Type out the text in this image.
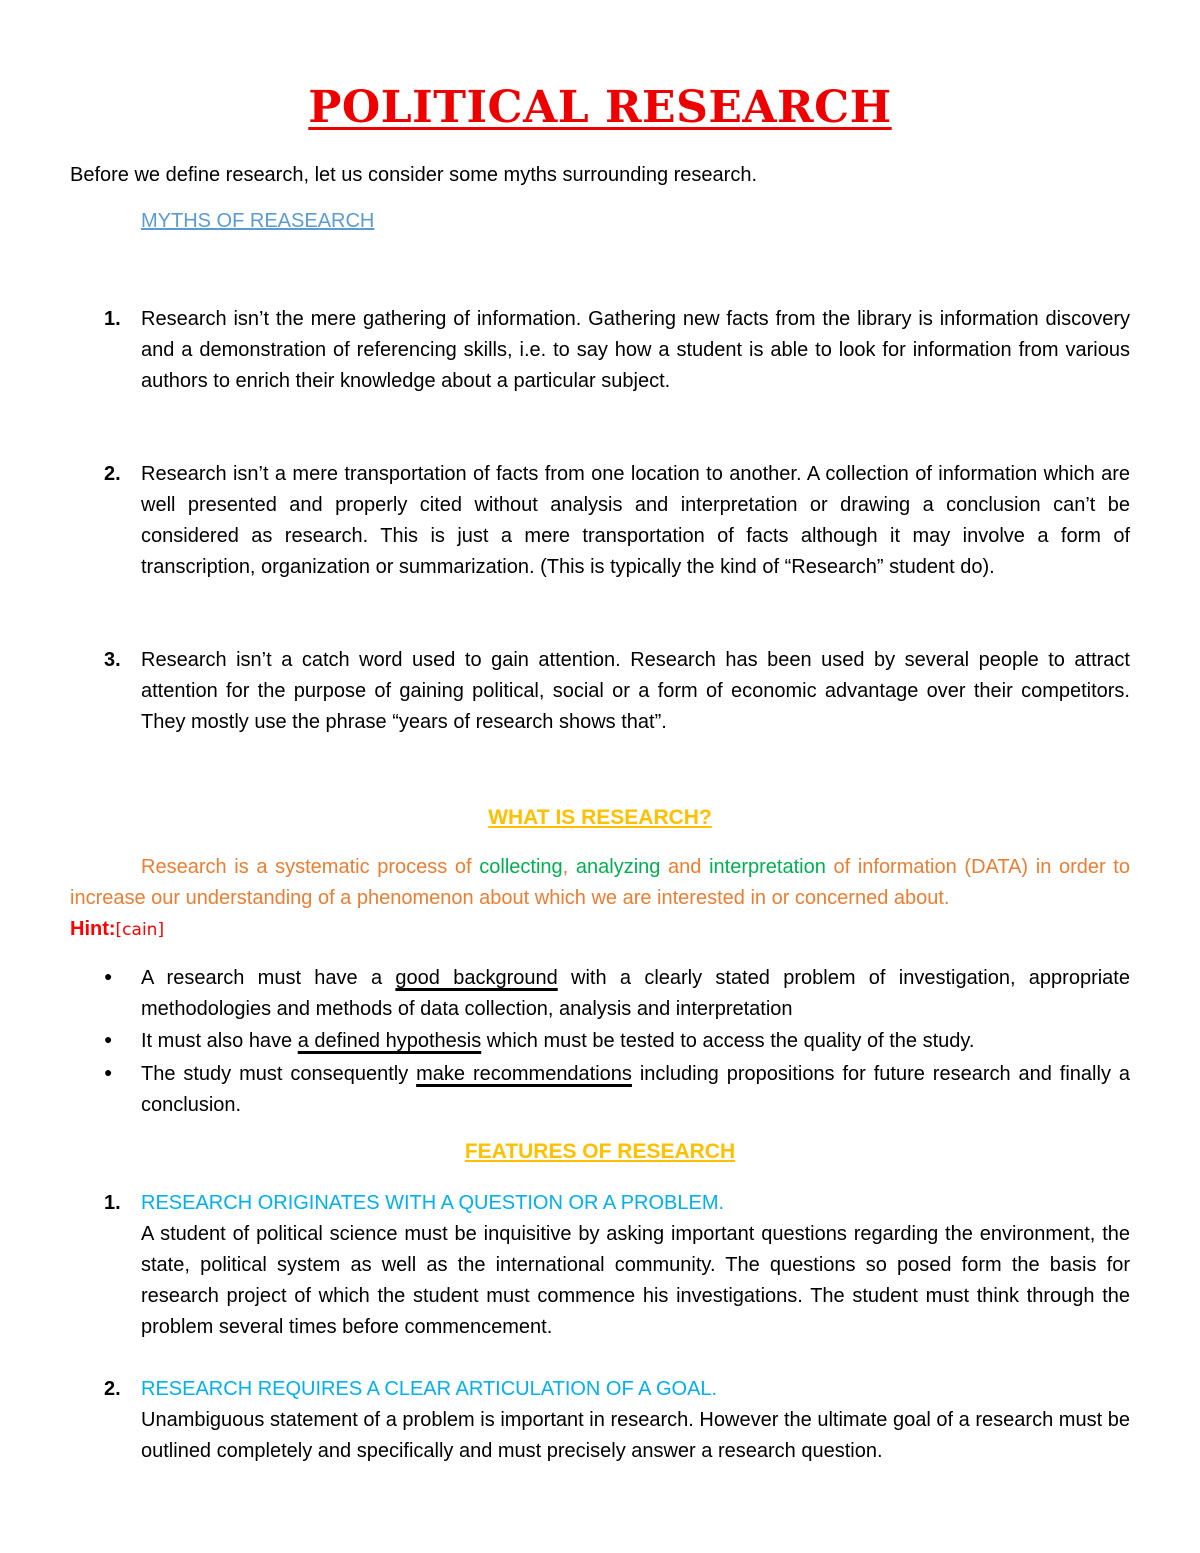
POLITICAL RESEARCH
Before we define research, let us consider some myths surrounding research.
MYTHS OF REASEARCH
1. Research isn’t the mere gathering of information. Gathering new facts from the library is information discovery and a demonstration of referencing skills, i.e. to say how a student is able to look for information from various authors to enrich their knowledge about a particular subject.
2. Research isn’t a mere transportation of facts from one location to another. A collection of information which are well presented and properly cited without analysis and interpretation or drawing a conclusion can’t be considered as research. This is just a mere transportation of facts although it may involve a form of transcription, organization or summarization. (This is typically the kind of “Research” student do).
3. Research isn’t a catch word used to gain attention. Research has been used by several people to attract attention for the purpose of gaining political, social or a form of economic advantage over their competitors. They mostly use the phrase “years of research shows that”.
WHAT IS RESEARCH?
Research is a systematic process of collecting, analyzing and interpretation of information (DATA) in order to increase our understanding of a phenomenon about which we are interested in or concerned about.
Hint:[cain]
● A research must have a good background with a clearly stated problem of investigation, appropriate methodologies and methods of data collection, analysis and interpretation
● It must also have a defined hypothesis which must be tested to access the quality of the study.
● The study must consequently make recommendations including propositions for future research and finally a conclusion.
FEATURES OF RESEARCH
1. RESEARCH ORIGINATES WITH A QUESTION OR A PROBLEM.
A student of political science must be inquisitive by asking important questions regarding the environment, the state, political system as well as the international community. The questions so posed form the basis for research project of which the student must commence his investigations. The student must think through the problem several times before commencement.
2. RESEARCH REQUIRES A CLEAR ARTICULATION OF A GOAL.
Unambiguous statement of a problem is important in research. However the ultimate goal of a research must be outlined completely and specifically and must precisely answer a research question.
